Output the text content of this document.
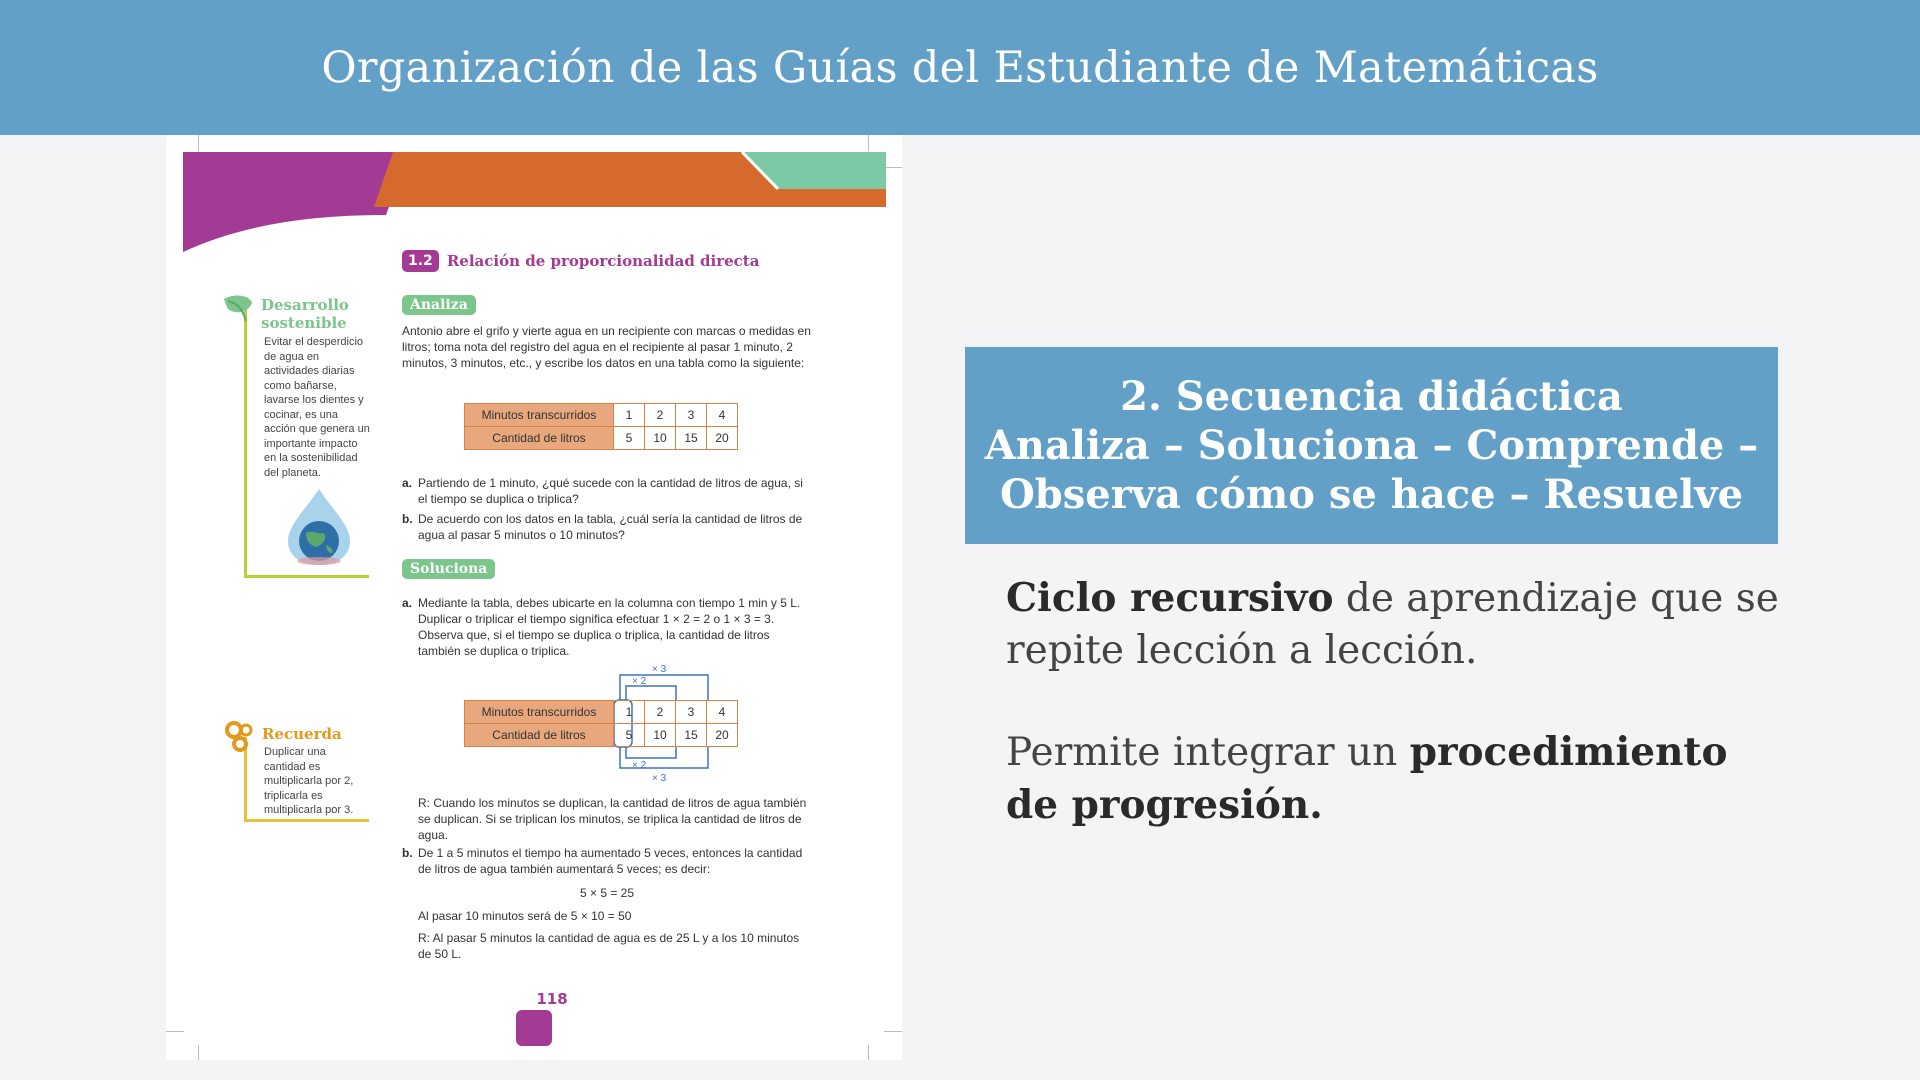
Organización de las Guías del Estudiante de Matemáticas
1.2 Relación de proporcionalidad directa
Analiza
Antonio abre el grifo y vierte agua en un recipiente con marcas o medidas en litros; toma nota del registro del agua en el recipiente al pasar 1 minuto, 2 minutos, 3 minutos, etc., y escribe los datos en una tabla como la siguiente:
Minutos transcurridos	1	2	3	4
Cantidad de litros	5	10	15	20
a. Partiendo de 1 minuto, ¿qué sucede con la cantidad de litros de agua, si el tiempo se duplica o triplica?
b. De acuerdo con los datos en la tabla, ¿cuál sería la cantidad de litros de agua al pasar 5 minutos o 10 minutos?
Soluciona
a. Mediante la tabla, debes ubicarte en la columna con tiempo 1 min y 5 L. Duplicar o triplicar el tiempo significa efectuar 1 × 2 = 2 o 1 × 3 = 3. Observa que, si el tiempo se duplica o triplica, la cantidad de litros también se duplica o triplica.
× 3
× 2
× 2
× 3
Minutos transcurridos	1	2	3	4
Cantidad de litros	5	10	15	20
R: Cuando los minutos se duplican, la cantidad de litros de agua también se duplican. Si se triplican los minutos, se triplica la cantidad de litros de agua.
b. De 1 a 5 minutos el tiempo ha aumentado 5 veces, entonces la cantidad de litros de agua también aumentará 5 veces; es decir:
5 × 5 = 25
Al pasar 10 minutos será de 5 × 10 = 50
R: Al pasar 5 minutos la cantidad de agua es de 25 L y a los 10 minutos de 50 L.
Desarrollo sostenible
Evitar el desperdicio de agua en actividades diarias como bañarse, lavarse los dientes y cocinar, es una acción que genera un importante impacto en la sostenibilidad del planeta.
Recuerda
Duplicar una cantidad es multiplicarla por 2, triplicarla es multiplicarla por 3.
118
2. Secuencia didáctica
Analiza – Soluciona – Comprende –
Observa cómo se hace – Resuelve
Ciclo recursivo de aprendizaje que se repite lección a lección.
Permite integrar un procedimiento de progresión.
